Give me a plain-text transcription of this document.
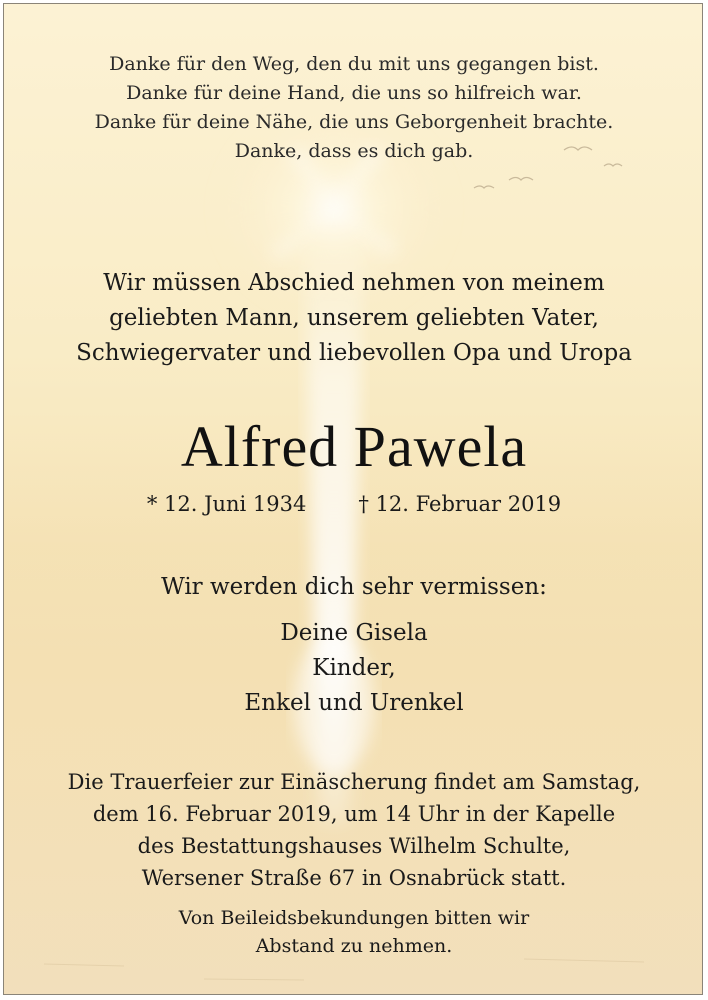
Danke für den Weg, den du mit uns gegangen bist.
Danke für deine Hand, die uns so hilfreich war.
Danke für deine Nähe, die uns Geborgenheit brachte.
Danke, dass es dich gab.
Wir müssen Abschied nehmen von meinem
geliebten Mann, unserem geliebten Vater,
Schwiegervater und liebevollen Opa und Uropa
Alfred Pawela
* 12. Juni 1934 † 12. Februar 2019
Wir werden dich sehr vermissen:
Deine Gisela
Kinder,
Enkel und Urenkel
Die Trauerfeier zur Einäscherung findet am Samstag,
dem 16. Februar 2019, um 14 Uhr in der Kapelle
des Bestattungshauses Wilhelm Schulte,
Wersener Straße 67 in Osnabrück statt.
Von Beileidsbekundungen bitten wir
Abstand zu nehmen.
